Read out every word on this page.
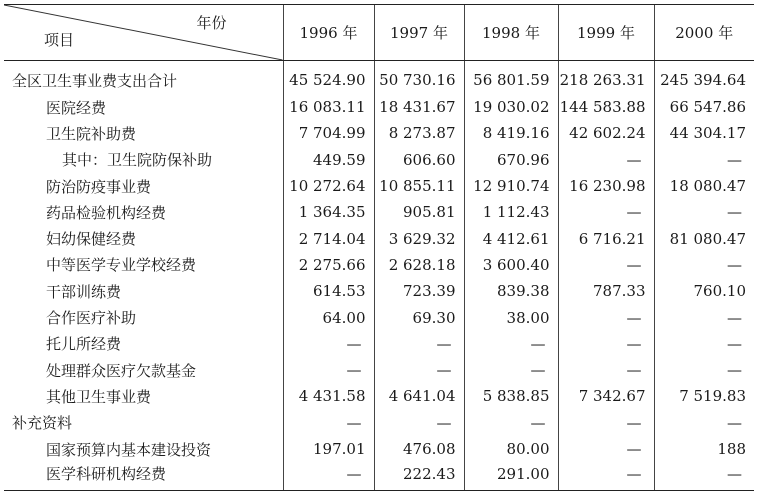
年份
项目	1996 年	1997 年	1998 年	1999 年	2000 年
全区卫生事业费支出合计	45 524.90	50 730.16	56 801.59	218 263.31	245 394.64
医院经费	16 083.11	18 431.67	19 030.02	144 583.88	66 547.86
卫生院补助费	7 704.99	8 273.87	8 419.16	42 602.24	44 304.17
其中：卫生院防保补助	449.59	606.60	670.96	—	—
防治防疫事业费	10 272.64	10 855.11	12 910.74	16 230.98	18 080.47
药品检验机构经费	1 364.35	905.81	1 112.43	—	—
妇幼保健经费	2 714.04	3 629.32	4 412.61	6 716.21	81 080.47
中等医学专业学校经费	2 275.66	2 628.18	3 600.40	—	—
干部训练费	614.53	723.39	839.38	787.33	760.10
合作医疗补助	64.00	69.30	38.00	—	—
托儿所经费	—	—	—	—	—
处理群众医疗欠款基金	—	—	—	—	—
其他卫生事业费	4 431.58	4 641.04	5 838.85	7 342.67	7 519.83
补充资料	—	—	—	—	—
国家预算内基本建设投资	197.01	476.08	80.00	—	188
医学科研机构经费	—	222.43	291.00	—	—
